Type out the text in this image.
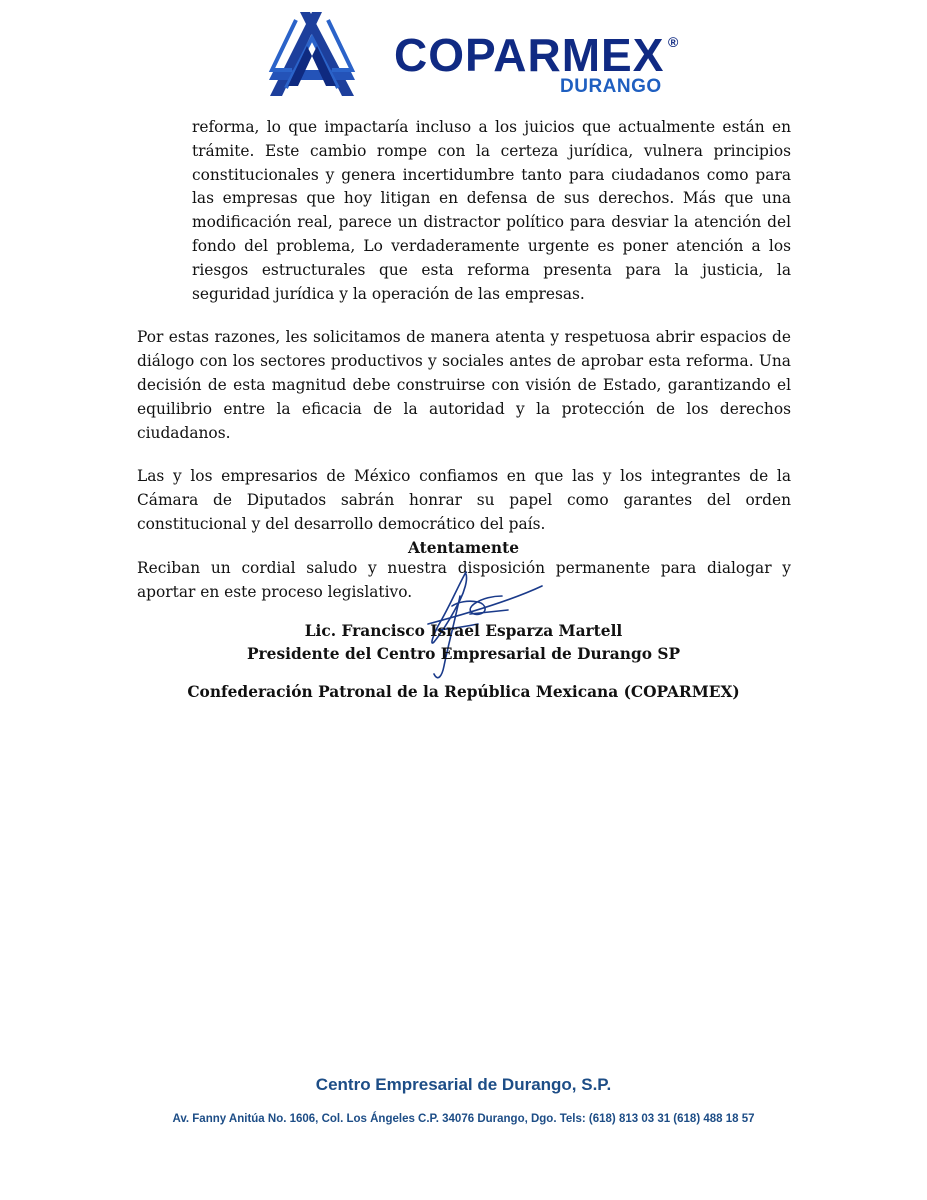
COPARMEX ®
DURANGO

reforma, lo que impactaría incluso a los juicios que actualmente están en trámite. Este cambio rompe con la certeza jurídica, vulnera principios constitucionales y genera incertidumbre tanto para ciudadanos como para las empresas que hoy litigan en defensa de sus derechos. Más que una modificación real, parece un distractor político para desviar la atención del fondo del problema, Lo verdaderamente urgente es poner atención a los riesgos estructurales que esta reforma presenta para la justicia, la seguridad jurídica y la operación de las empresas.

Por estas razones, les solicitamos de manera atenta y respetuosa abrir espacios de diálogo con los sectores productivos y sociales antes de aprobar esta reforma. Una decisión de esta magnitud debe construirse con visión de Estado, garantizando el equilibrio entre la eficacia de la autoridad y la protección de los derechos ciudadanos.

Las y los empresarios de México confiamos en que las y los integrantes de la Cámara de Diputados sabrán honrar su papel como garantes del orden constitucional y del desarrollo democrático del país.

Reciban un cordial saludo y nuestra disposición permanente para dialogar y aportar en este proceso legislativo.

Atentamente
Lic. Francisco Israel Esparza Martell
Presidente del Centro Empresarial de Durango SP
Confederación Patronal de la República Mexicana (COPARMEX)
Centro Empresarial de Durango, S.P.
Av. Fanny Anitúa No. 1606, Col. Los Ángeles C.P. 34076 Durango, Dgo. Tels: (618) 813 03 31 (618) 488 18 57
